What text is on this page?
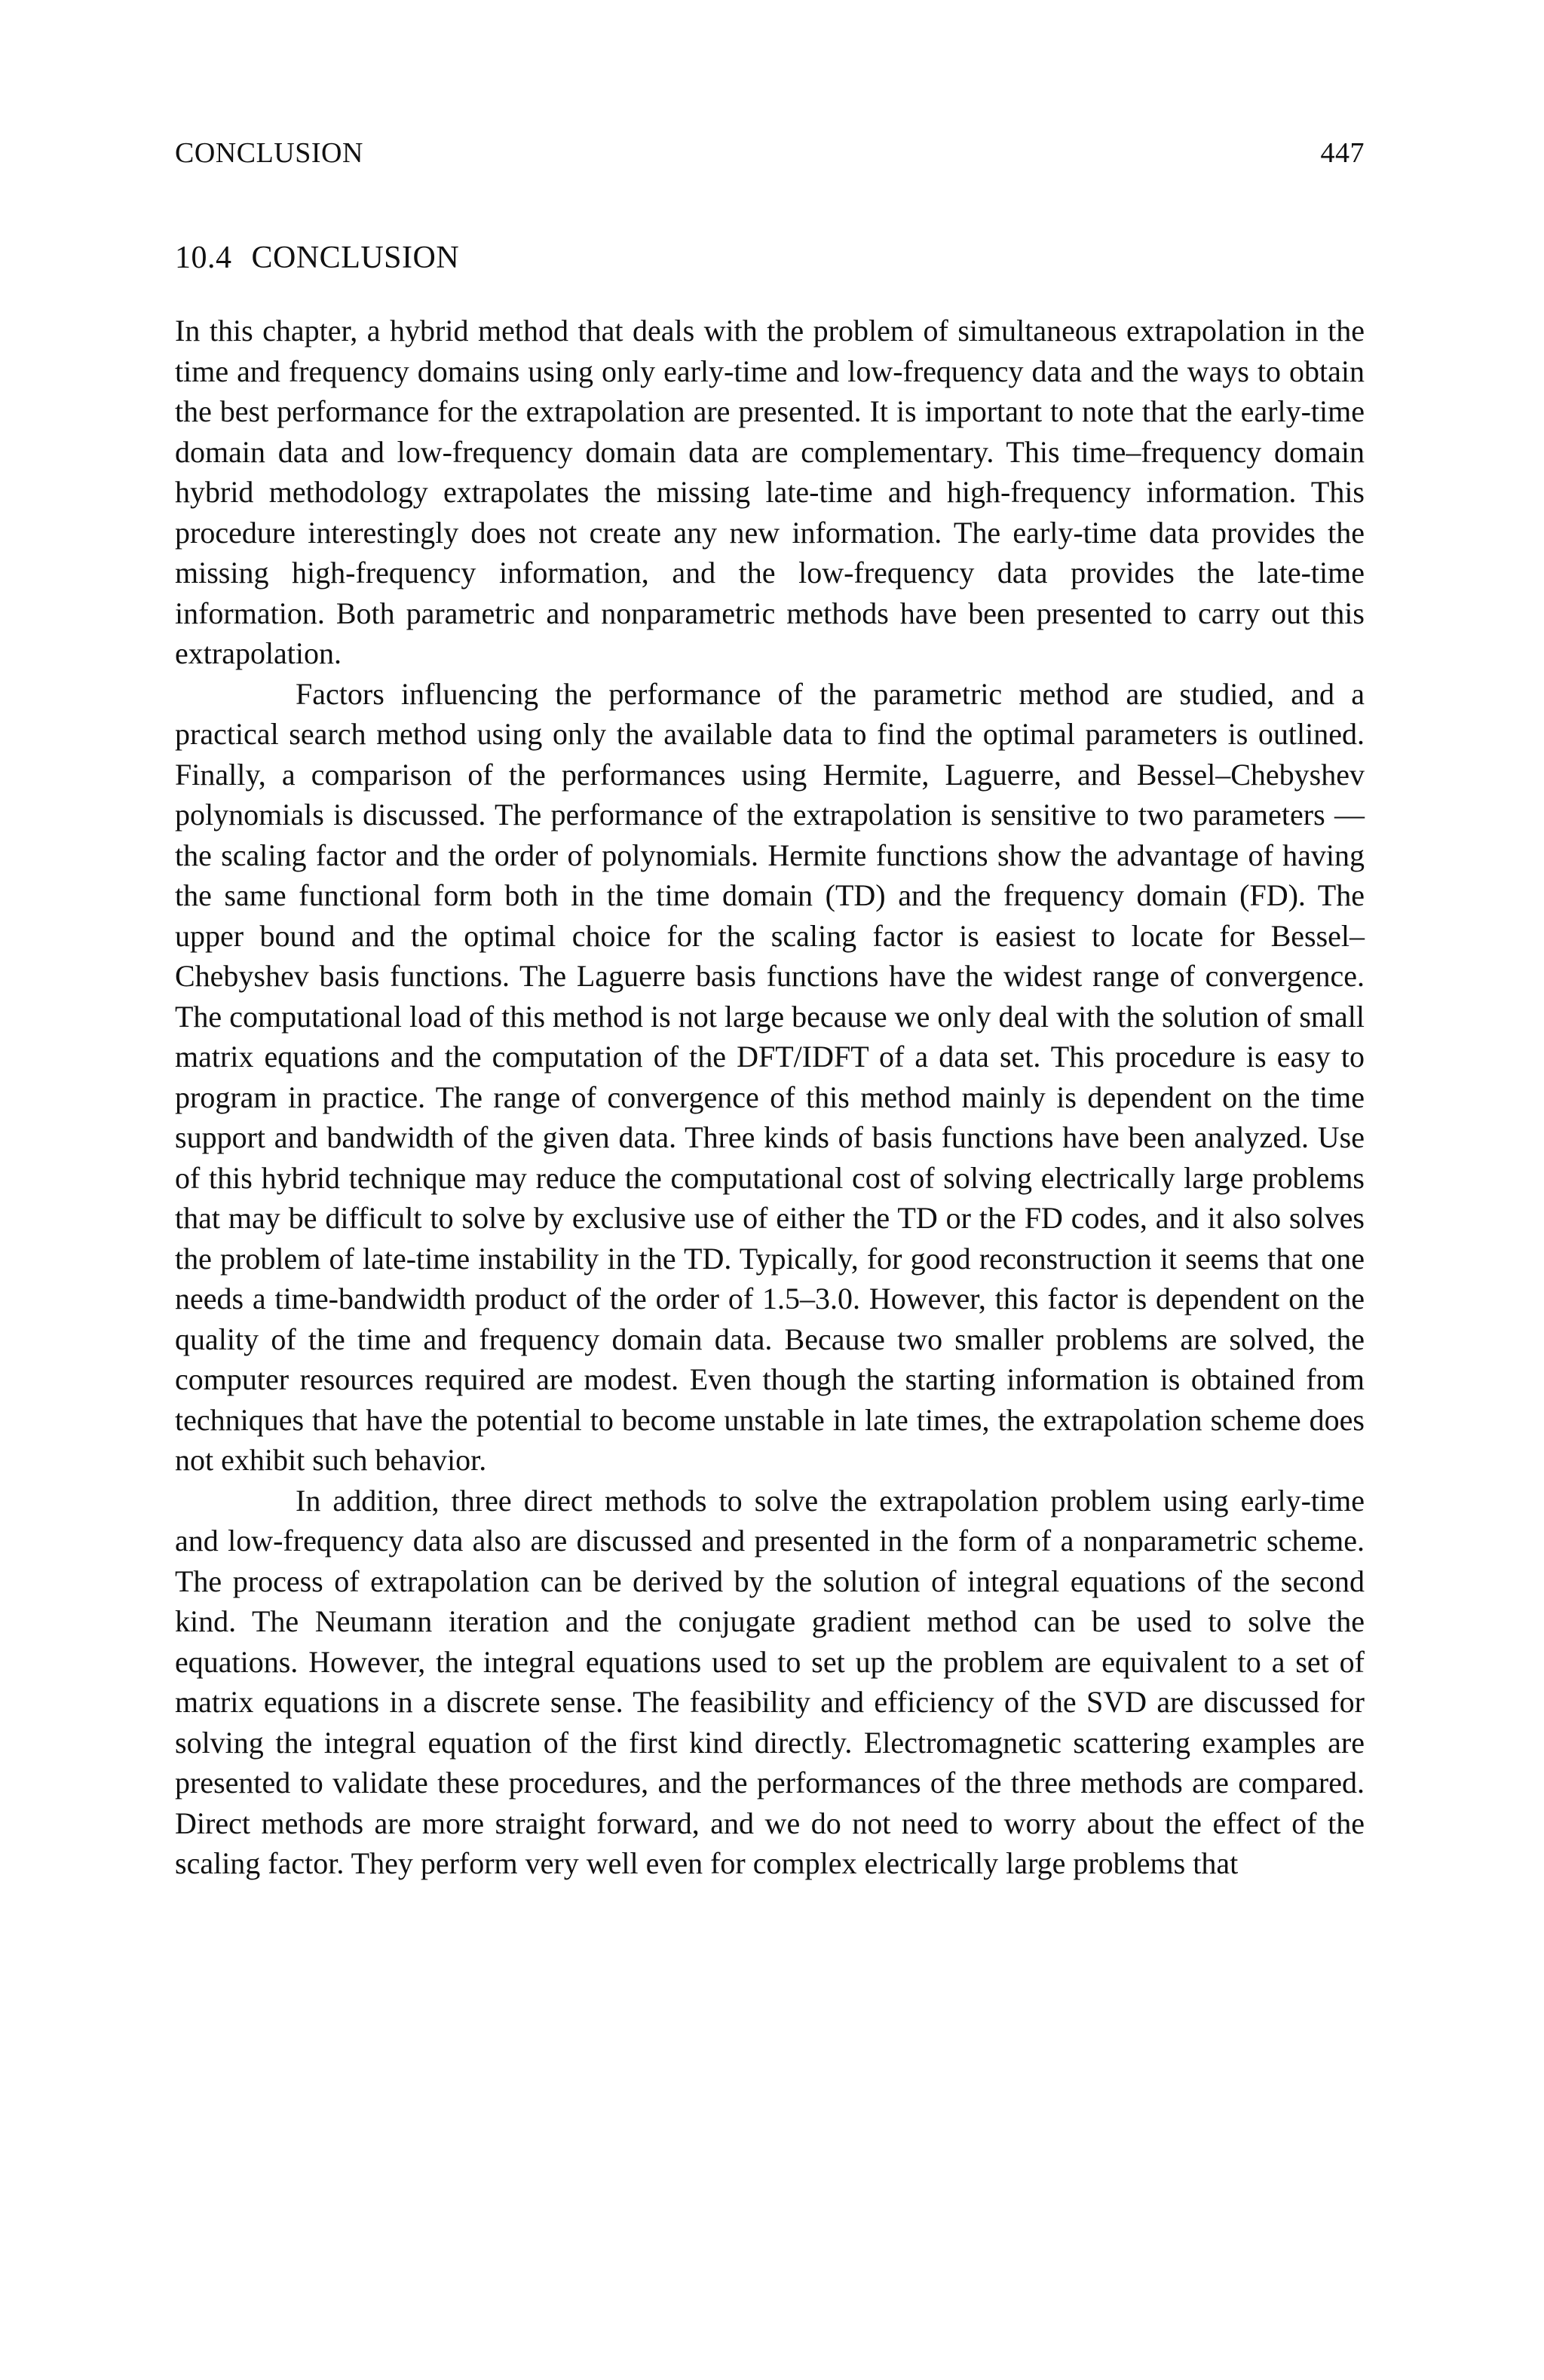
CONCLUSION	447
10.4 CONCLUSION

In this chapter, a hybrid method that deals with the problem of simultaneous extrapolation in the time and frequency domains using only early-time and low-frequency data and the ways to obtain the best performance for the extrapolation are presented. It is important to note that the early-time domain data and low-frequency domain data are complementary. This time–frequency domain hybrid methodology extrapolates the missing late-time and high-frequency information. This procedure interestingly does not create any new information. The early-time data provides the missing high-frequency information, and the low-frequency data provides the late-time information. Both parametric and nonparametric methods have been presented to carry out this extrapolation.

Factors influencing the performance of the parametric method are studied, and a practical search method using only the available data to find the optimal parameters is outlined. Finally, a comparison of the performances using Hermite, Laguerre, and Bessel–Chebyshev polynomials is discussed. The performance of the extrapolation is sensitive to two parameters — the scaling factor and the order of polynomials. Hermite functions show the advantage of having the same functional form both in the time domain (TD) and the frequency domain (FD). The upper bound and the optimal choice for the scaling factor is easiest to locate for Bessel–Chebyshev basis functions. The Laguerre basis functions have the widest range of convergence. The computational load of this method is not large because we only deal with the solution of small matrix equations and the computation of the DFT/IDFT of a data set. This procedure is easy to program in practice. The range of convergence of this method mainly is dependent on the time support and bandwidth of the given data. Three kinds of basis functions have been analyzed. Use of this hybrid technique may reduce the computational cost of solving electrically large problems that may be difficult to solve by exclusive use of either the TD or the FD codes, and it also solves the problem of late-time instability in the TD. Typically, for good reconstruction it seems that one needs a time-bandwidth product of the order of 1.5–3.0. However, this factor is dependent on the quality of the time and frequency domain data. Because two smaller problems are solved, the computer resources required are modest. Even though the starting information is obtained from techniques that have the potential to become unstable in late times, the extrapolation scheme does not exhibit such behavior.

In addition, three direct methods to solve the extrapolation problem using early-time and low-frequency data also are discussed and presented in the form of a nonparametric scheme. The process of extrapolation can be derived by the solution of integral equations of the second kind. The Neumann iteration and the conjugate gradient method can be used to solve the equations. However, the integral equations used to set up the problem are equivalent to a set of matrix equations in a discrete sense. The feasibility and efficiency of the SVD are discussed for solving the integral equation of the first kind directly. Electromagnetic scattering examples are presented to validate these procedures, and the performances of the three methods are compared. Direct methods are more straight forward, and we do not need to worry about the effect of the scaling factor. They perform very well even for complex electrically large problems that
